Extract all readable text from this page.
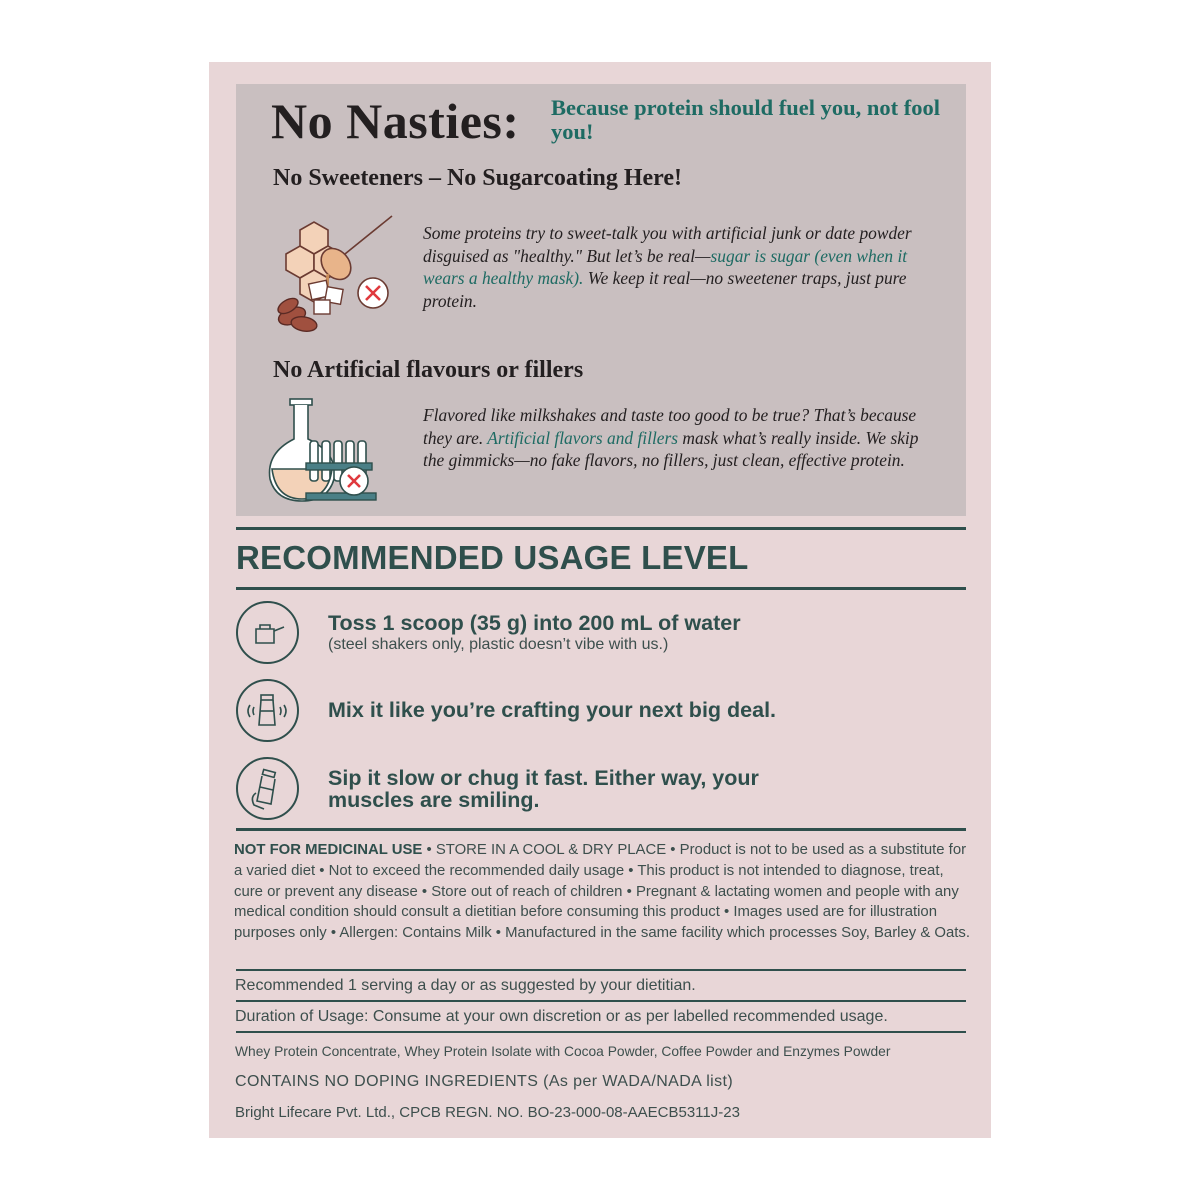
No Nasties: Because protein should fuel you, not fool you!
No Sweeteners – No Sugarcoating Here!
Some proteins try to sweet-talk you with artificial junk or date powder disguised as "healthy." But let’s be real—sugar is sugar (even when it wears a healthy mask). We keep it real—no sweetener traps, just pure protein.
No Artificial flavours or fillers
Flavored like milkshakes and taste too good to be true? That’s because they are. Artificial flavors and fillers mask what’s really inside. We skip the gimmicks—no fake flavors, no fillers, just clean, effective protein.
RECOMMENDED USAGE LEVEL
Toss 1 scoop (35 g) into 200 mL of water
(steel shakers only, plastic doesn’t vibe with us.)
Mix it like you’re crafting your next big deal.
Sip it slow or chug it fast. Either way, your muscles are smiling.
NOT FOR MEDICINAL USE • STORE IN A COOL & DRY PLACE • Product is not to be used as a substitute for a varied diet • Not to exceed the recommended daily usage • This product is not intended to diagnose, treat, cure or prevent any disease • Store out of reach of children • Pregnant & lactating women and people with any medical condition should consult a dietitian before consuming this product • Images used are for illustration purposes only • Allergen: Contains Milk • Manufactured in the same facility which processes Soy, Barley & Oats.
Recommended 1 serving a day or as suggested by your dietitian.
Duration of Usage: Consume at your own discretion or as per labelled recommended usage.
Whey Protein Concentrate, Whey Protein Isolate with Cocoa Powder, Coffee Powder and Enzymes Powder
CONTAINS NO DOPING INGREDIENTS (As per WADA/NADA list)
Bright Lifecare Pvt. Ltd., CPCB REGN. NO. BO-23-000-08-AAECB5311J-23
